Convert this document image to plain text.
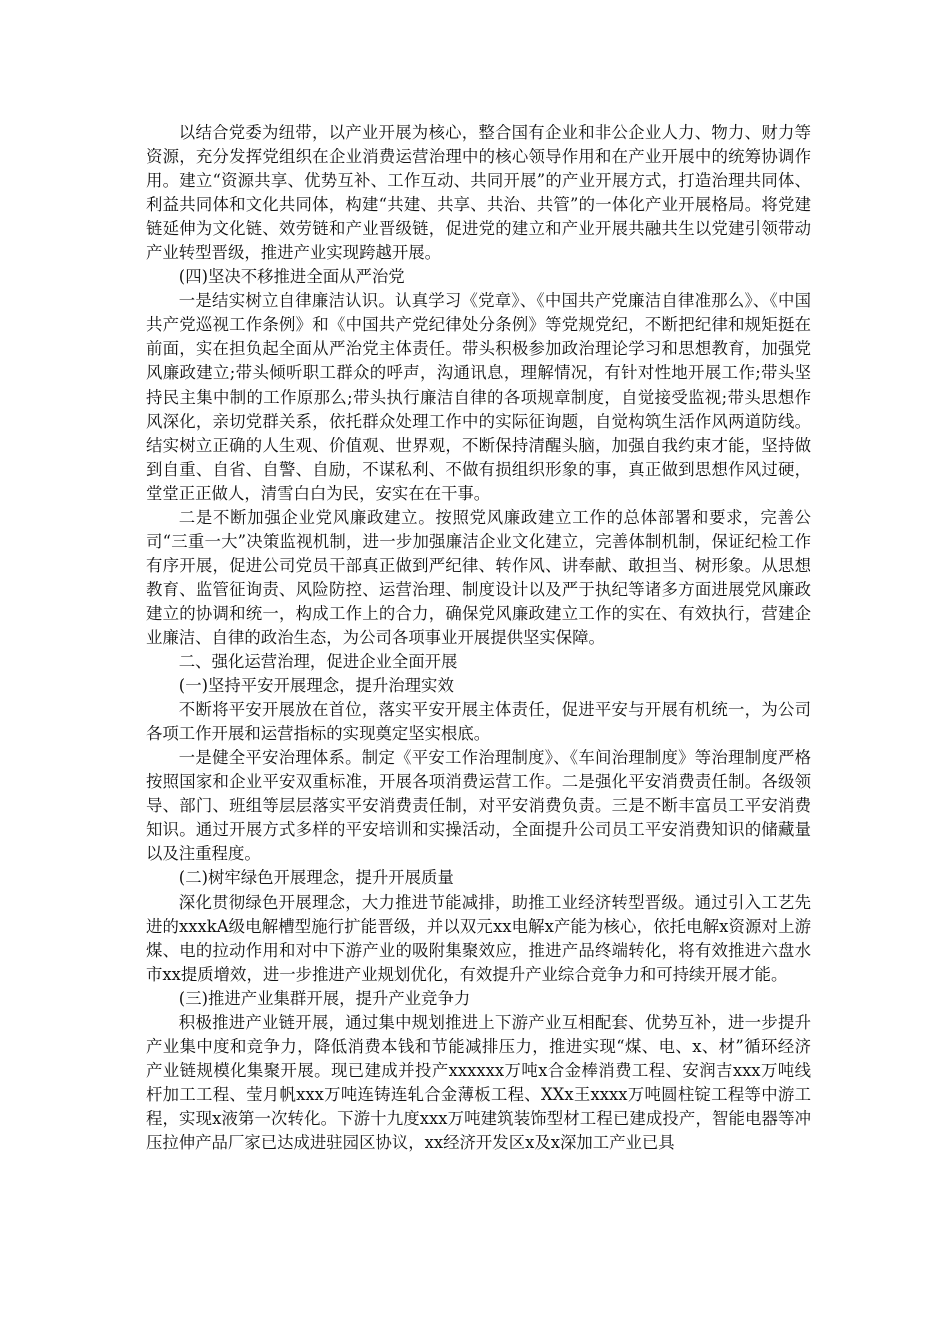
以结合党委为纽带，以产业开展为核心，整合国有企业和非公企业人力、物力、财力等资源，充分发挥党组织在企业消费运营治理中的核心领导作用和在产业开展中的统筹协调作用。建立“资源共享、优势互补、工作互动、共同开展”的产业开展方式，打造治理共同体、利益共同体和文化共同体，构建“共建、共享、共治、共管”的一体化产业开展格局。将党建链延伸为文化链、效劳链和产业晋级链，促进党的建立和产业开展共融共生以党建引领带动产业转型晋级，推进产业实现跨越开展。

(四)坚决不移推进全面从严治党

一是结实树立自律廉洁认识。认真学习《党章》、《中国共产党廉洁自律准那么》、《中国共产党巡视工作条例》和《中国共产党纪律处分条例》等党规党纪，不断把纪律和规矩挺在前面，实在担负起全面从严治党主体责任。带头积极参加政治理论学习和思想教育，加强党风廉政建立;带头倾听职工群众的呼声，沟通讯息，理解情况，有针对性地开展工作;带头坚持民主集中制的工作原那么;带头执行廉洁自律的各项规章制度，自觉接受监视;带头思想作风深化，亲切党群关系，依托群众处理工作中的实际征询题，自觉构筑生活作风两道防线。结实树立正确的人生观、价值观、世界观，不断保持清醒头脑，加强自我约束才能，坚持做到自重、自省、自警、自励，不谋私利、不做有损组织形象的事，真正做到思想作风过硬，堂堂正正做人，清雪白白为民，安实在在干事。

二是不断加强企业党风廉政建立。按照党风廉政建立工作的总体部署和要求，完善公司“三重一大”决策监视机制，进一步加强廉洁企业文化建立，完善体制机制，保证纪检工作有序开展，促进公司党员干部真正做到严纪律、转作风、讲奉献、敢担当、树形象。从思想教育、监管征询责、风险防控、运营治理、制度设计以及严于执纪等诸多方面进展党风廉政建立的协调和统一，构成工作上的合力，确保党风廉政建立工作的实在、有效执行，营建企业廉洁、自律的政治生态，为公司各项事业开展提供坚实保障。

二、强化运营治理，促进企业全面开展

(一)坚持平安开展理念，提升治理实效

不断将平安开展放在首位，落实平安开展主体责任，促进平安与开展有机统一，为公司各项工作开展和运营指标的实现奠定坚实根底。

一是健全平安治理体系。制定《平安工作治理制度》、《车间治理制度》等治理制度严格按照国家和企业平安双重标准，开展各项消费运营工作。二是强化平安消费责任制。各级领导、部门、班组等层层落实平安消费责任制，对平安消费负责。三是不断丰富员工平安消费知识。通过开展方式多样的平安培训和实操活动，全面提升公司员工平安消费知识的储藏量以及注重程度。

(二)树牢绿色开展理念，提升开展质量

深化贯彻绿色开展理念，大力推进节能减排，助推工业经济转型晋级。通过引入工艺先进的xxxkA级电解槽型施行扩能晋级，并以双元xx电解x产能为核心，依托电解x资源对上游煤、电的拉动作用和对中下游产业的吸附集聚效应，推进产品终端转化，将有效推进六盘水市xx提质增效，进一步推进产业规划优化，有效提升产业综合竞争力和可持续开展才能。

(三)推进产业集群开展，提升产业竞争力

积极推进产业链开展，通过集中规划推进上下游产业互相配套、优势互补，进一步提升产业集中度和竞争力，降低消费本钱和节能减排压力，推进实现“煤、电、x、材”循环经济产业链规模化集聚开展。现已建成并投产xxxxxx万吨x合金棒消费工程、安润吉xxx万吨线杆加工工程、莹月帆xxx万吨连铸连轧合金薄板工程、XXx王xxxx万吨圆柱锭工程等中游工程，实现x液第一次转化。下游十九度xxx万吨建筑装饰型材工程已建成投产，智能电器等冲压拉伸产品厂家已达成进驻园区协议，xx经济开发区x及x深加工产业已具
